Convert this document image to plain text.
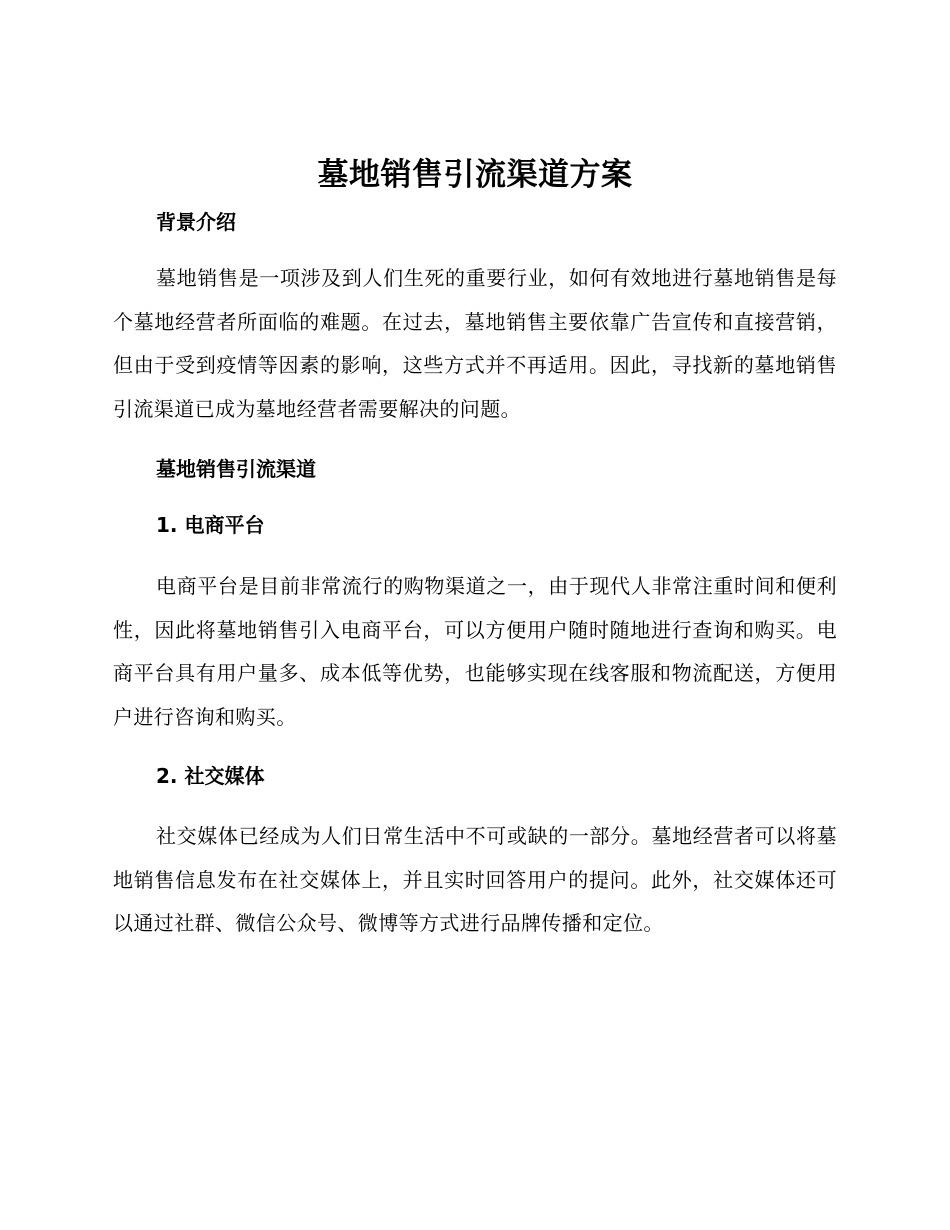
墓地销售引流渠道方案
背景介绍

墓地销售是一项涉及到人们生死的重要行业，如何有效地进行墓地销售是每个墓地经营者所面临的难题。在过去，墓地销售主要依靠广告宣传和直接营销，但由于受到疫情等因素的影响，这些方式并不再适用。因此，寻找新的墓地销售引流渠道已成为墓地经营者需要解决的问题。

墓地销售引流渠道
1. 电商平台

电商平台是目前非常流行的购物渠道之一，由于现代人非常注重时间和便利性，因此将墓地销售引入电商平台，可以方便用户随时随地进行查询和购买。电商平台具有用户量多、成本低等优势，也能够实现在线客服和物流配送，方便用户进行咨询和购买。

2. 社交媒体

社交媒体已经成为人们日常生活中不可或缺的一部分。墓地经营者可以将墓地销售信息发布在社交媒体上，并且实时回答用户的提问。此外，社交媒体还可以通过社群、微信公众号、微博等方式进行品牌传播和定位。
